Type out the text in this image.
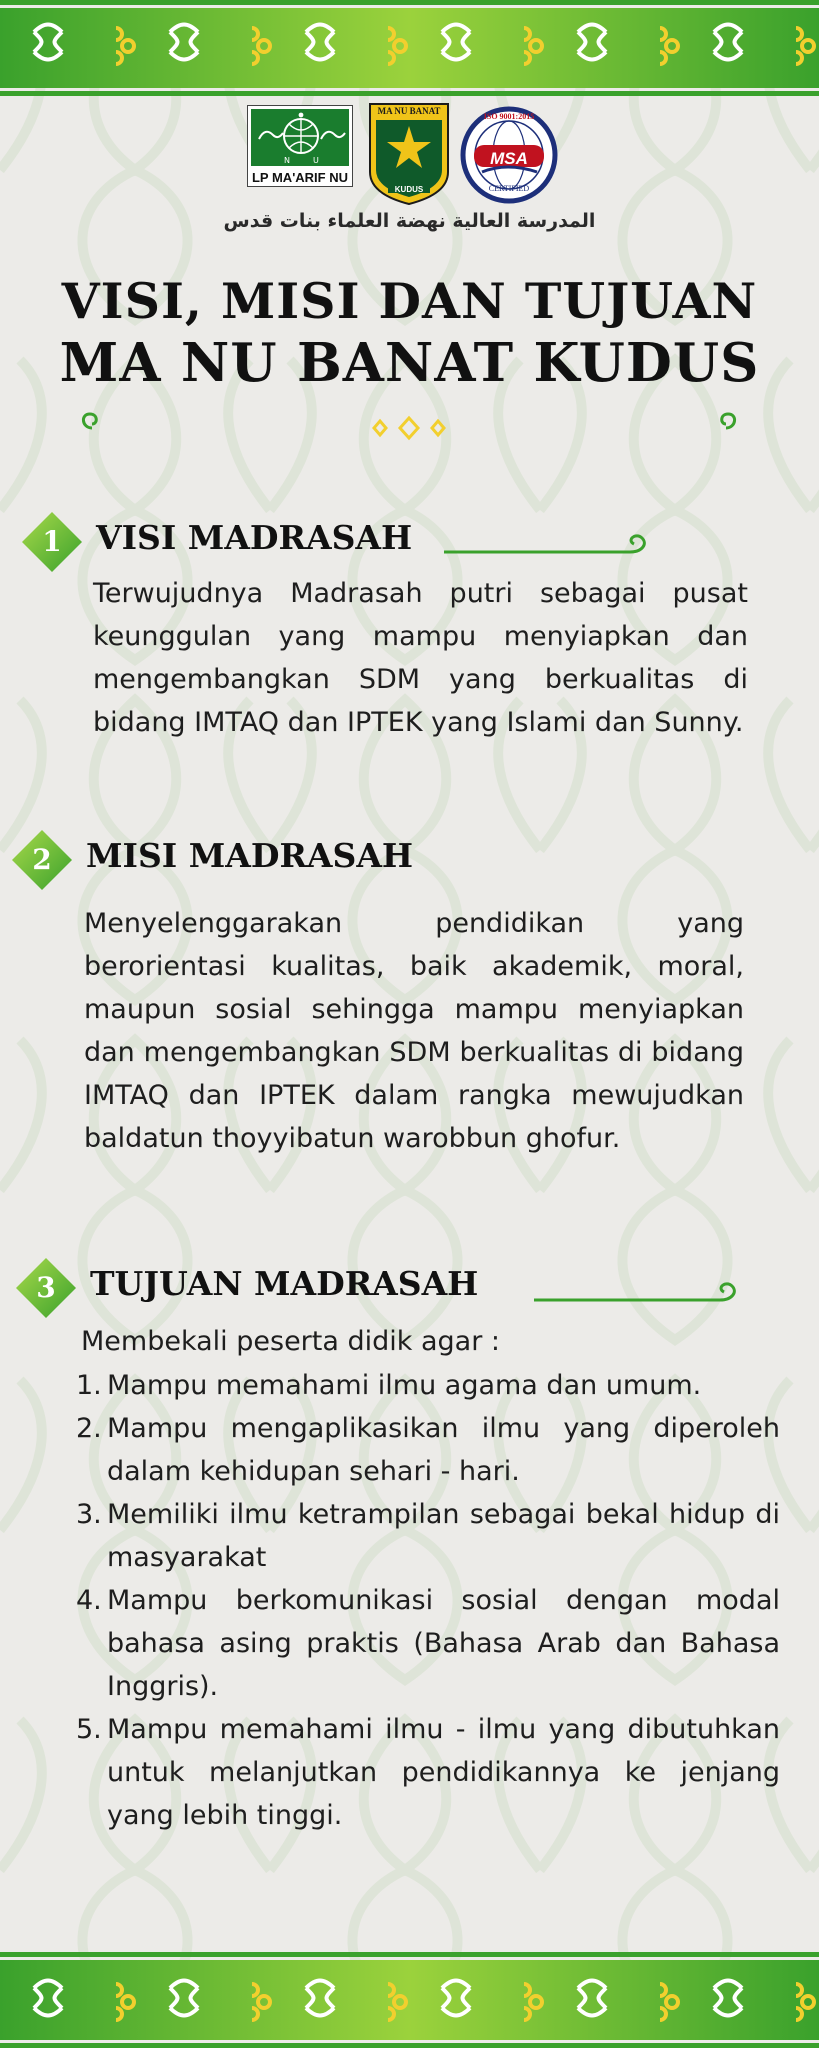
N	U
LP MA'ARIF NU
MA NU BANAT
KUDUS
ISO 9001:2015
MSA
CERTIFIED
المدرسة العالية نهضة العلماء بنات قدس
VISI, MISI DAN TUJUAN
MA NU BANAT KUDUS
1	VISI MADRASAH
Terwujudnya Madrasah putri sebagai pusat keunggulan yang mampu menyiapkan dan mengembangkan SDM yang berkualitas di bidang IMTAQ dan IPTEK yang Islami dan Sunny.
2	MISI MADRASAH
Menyelenggarakan pendidikan yang berorientasi kualitas, baik akademik, moral, maupun sosial sehingga mampu menyiapkan dan mengembangkan SDM berkualitas di bidang IMTAQ dan IPTEK dalam rangka mewujudkan baldatun thoyyibatun warobbun ghofur.
3	TUJUAN MADRASAH
Membekali peserta didik agar :
1. Mampu memahami ilmu agama dan umum.
2. Mampu mengaplikasikan ilmu yang diperoleh dalam kehidupan sehari - hari.
3. Memiliki ilmu ketrampilan sebagai bekal hidup di masyarakat
4. Mampu berkomunikasi sosial dengan modal bahasa asing praktis (Bahasa Arab dan Bahasa Inggris).
5. Mampu memahami ilmu - ilmu yang dibutuhkan untuk melanjutkan pendidikannya ke jenjang yang lebih tinggi.
